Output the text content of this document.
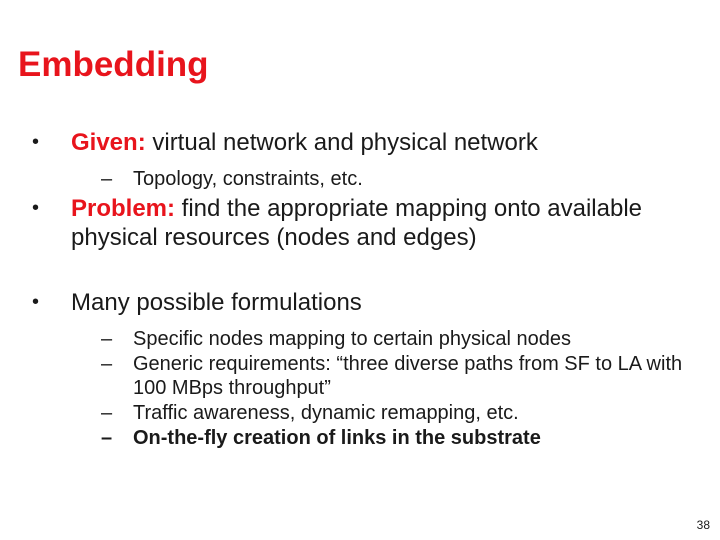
Embedding
• Given: virtual network and physical network
– Topology, constraints, etc.
• Problem: find the appropriate mapping onto available physical resources (nodes and edges)
• Many possible formulations
– Specific nodes mapping to certain physical nodes
– Generic requirements: “three diverse paths from SF to LA with 100 MBps throughput”
– Traffic awareness, dynamic remapping, etc.
– On-the-fly creation of links in the substrate
38
